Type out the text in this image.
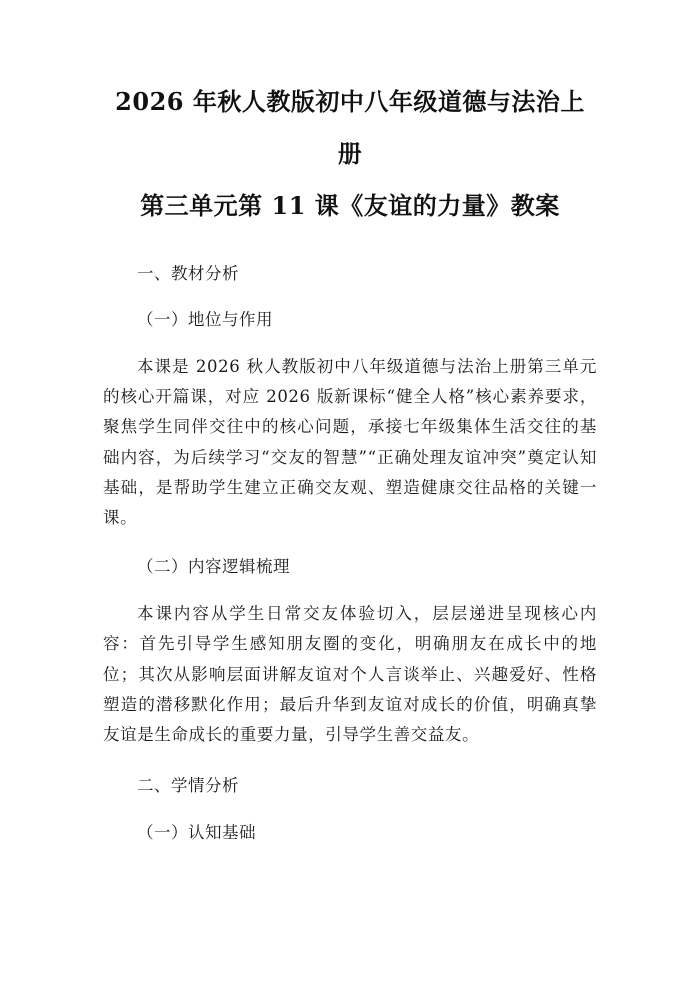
2026 年秋人教版初中八年级道德与法治上册
第三单元第 11 课《友谊的力量》教案

一、教材分析

（一）地位与作用

本课是 2026 秋人教版初中八年级道德与法治上册第三单元的核心开篇课，对应 2026 版新课标“健全人格”核心素养要求，聚焦学生同伴交往中的核心问题，承接七年级集体生活交往的基础内容，为后续学习“交友的智慧”“正确处理友谊冲突”奠定认知基础，是帮助学生建立正确交友观、塑造健康交往品格的关键一课。

（二）内容逻辑梳理

本课内容从学生日常交友体验切入，层层递进呈现核心内容：首先引导学生感知朋友圈的变化，明确朋友在成长中的地位；其次从影响层面讲解友谊对个人言谈举止、兴趣爱好、性格塑造的潜移默化作用；最后升华到友谊对成长的价值，明确真挚友谊是生命成长的重要力量，引导学生善交益友。

二、学情分析

（一）认知基础
